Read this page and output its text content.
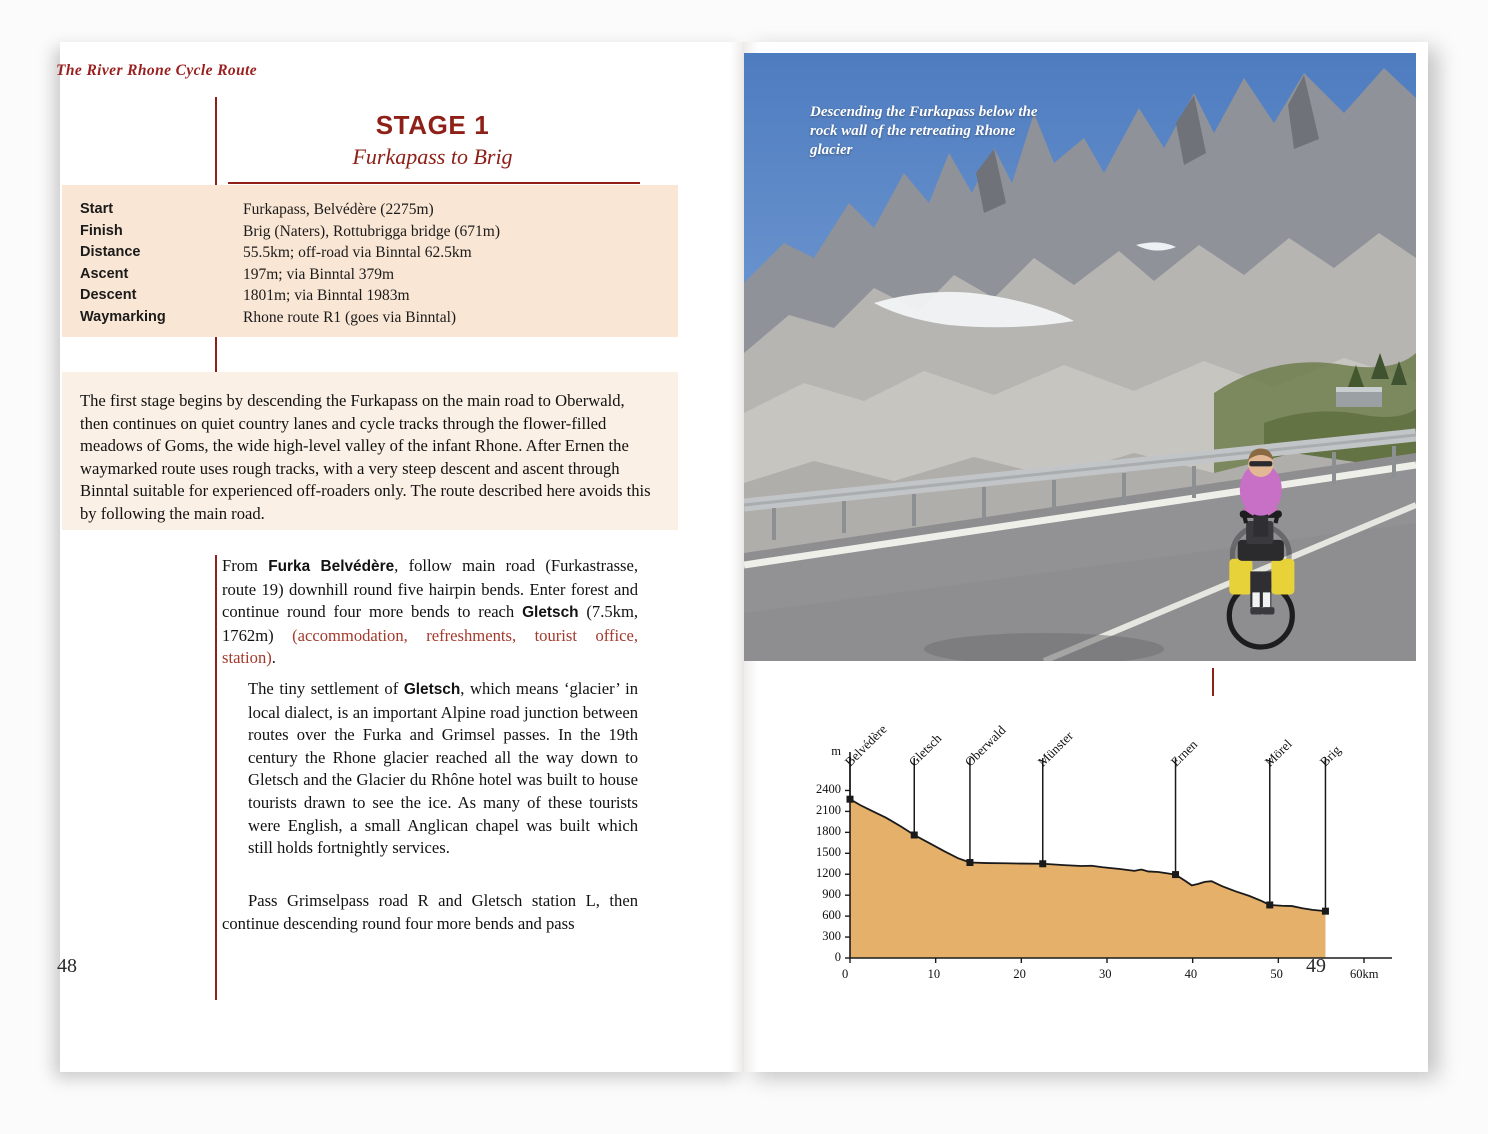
The River Rhone Cycle Route
STAGE 1
Furkapass to Brig
Start	Furkapass, Belvédère (2275m)
Finish	Brig (Naters), Rottubrigga bridge (671m)
Distance	55.5km; off-road via Binntal 62.5km
Ascent	197m; via Binntal 379m
Descent	1801m; via Binntal 1983m
Waymarking	Rhone route R1 (goes via Binntal)

The first stage begins by descending the Furkapass on the main road to Oberwald, then continues on quiet country lanes and cycle tracks through the flower-filled meadows of Goms, the wide high-level valley of the infant Rhone. After Ernen the waymarked route uses rough tracks, with a very steep descent and ascent through Binntal suitable for experienced off-roaders only. The route described here avoids this by following the main road.

From Furka Belvédère, follow main road (Furkastrasse, route 19) downhill round five hairpin bends. Enter forest and continue round four more bends to reach Gletsch (7.5km, 1762m) (accommodation, refreshments, tourist office, station).
The tiny settlement of Gletsch, which means ‘glacier’ in local dialect, is an important Alpine road junction between routes over the Furka and Grimsel passes. In the 19th century the Rhone glacier reached all the way down to Gletsch and the Glacier du Rhône hotel was built to house tourists drawn to see the ice. As many of these tourists were English, a small Anglican chapel was built which still holds fortnightly services.
Pass Grimselpass road R and Gletsch station L, then continue descending round four more bends and pass
48
Descending the Furkapass below the rock wall of the retreating Rhone glacier
0
300
600
900
1200
1500
1800
2100
2400
m
0	10	20	30	40	50	60km
Belvédère Gletsch Oberwald Münster	Ernen	Mörel Brig
49
